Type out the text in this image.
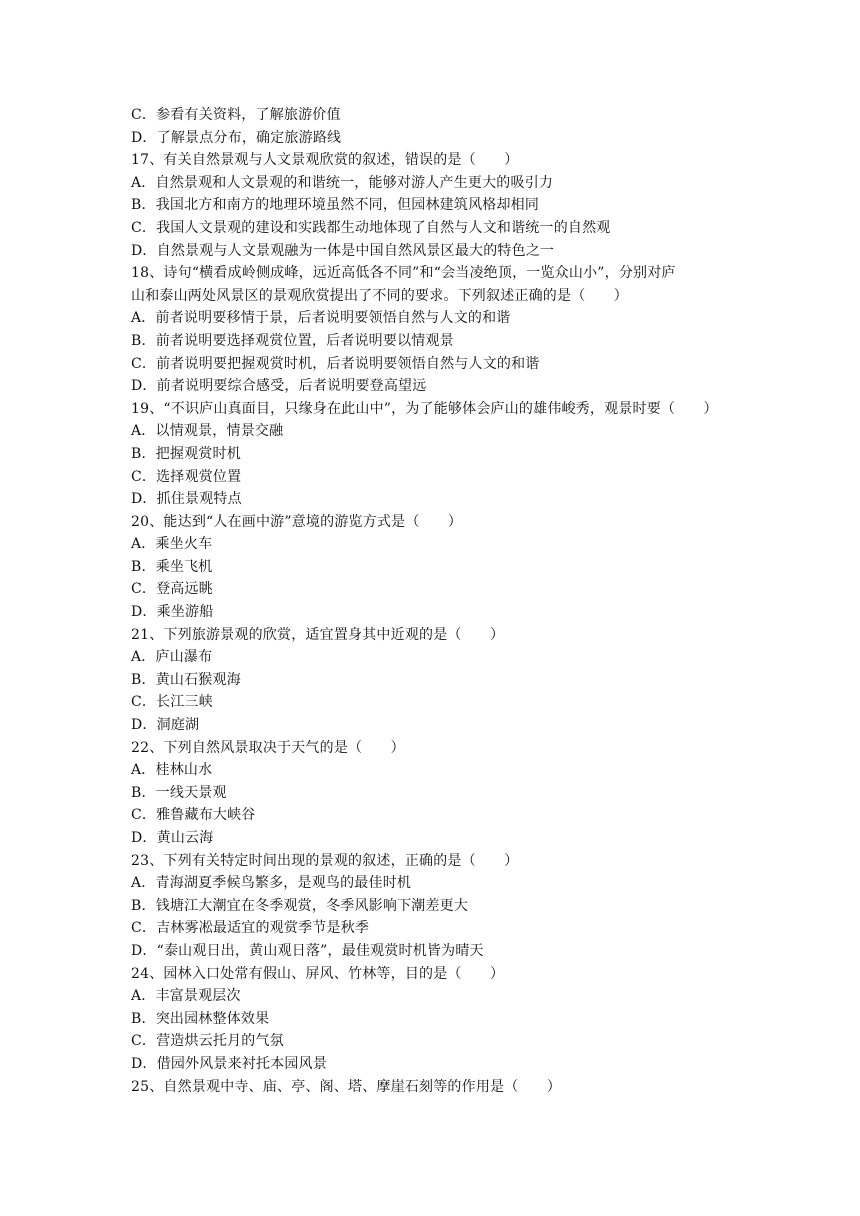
C．参看有关资料，了解旅游价值
D．了解景点分布，确定旅游路线
17、有关自然景观与人文景观欣赏的叙述，错误的是（　　）
A．自然景观和人文景观的和谐统一，能够对游人产生更大的吸引力
B．我国北方和南方的地理环境虽然不同，但园林建筑风格却相同
C．我国人文景观的建设和实践都生动地体现了自然与人文和谐统一的自然观
D．自然景观与人文景观融为一体是中国自然风景区最大的特色之一
18、诗句“横看成岭侧成峰，远近高低各不同”和“会当凌绝顶，一览众山小”，分别对庐
山和泰山两处风景区的景观欣赏提出了不同的要求。下列叙述正确的是（　　）
A．前者说明要移情于景，后者说明要领悟自然与人文的和谐
B．前者说明要选择观赏位置，后者说明要以情观景
C．前者说明要把握观赏时机，后者说明要领悟自然与人文的和谐
D．前者说明要综合感受，后者说明要登高望远
19、“不识庐山真面目，只缘身在此山中”，为了能够体会庐山的雄伟峻秀，观景时要（　　）
A．以情观景，情景交融
B．把握观赏时机
C．选择观赏位置
D．抓住景观特点
20、能达到“人在画中游”意境的游览方式是（　　）
A．乘坐火车
B．乘坐飞机
C．登高远眺
D．乘坐游船
21、下列旅游景观的欣赏，适宜置身其中近观的是（　　）
A．庐山瀑布
B．黄山石猴观海
C．长江三峡
D．洞庭湖
22、下列自然风景取决于天气的是（　　）
A．桂林山水
B．一线天景观
C．雅鲁藏布大峡谷
D．黄山云海
23、下列有关特定时间出现的景观的叙述，正确的是（　　）
A．青海湖夏季候鸟繁多，是观鸟的最佳时机
B．钱塘江大潮宜在冬季观赏，冬季风影响下潮差更大
C．吉林雾凇最适宜的观赏季节是秋季
D．“泰山观日出，黄山观日落”，最佳观赏时机皆为晴天
24、园林入口处常有假山、屏风、竹林等，目的是（　　）
A．丰富景观层次
B．突出园林整体效果
C．营造烘云托月的气氛
D．借园外风景来衬托本园风景
25、自然景观中寺、庙、亭、阁、塔、摩崖石刻等的作用是（　　）
